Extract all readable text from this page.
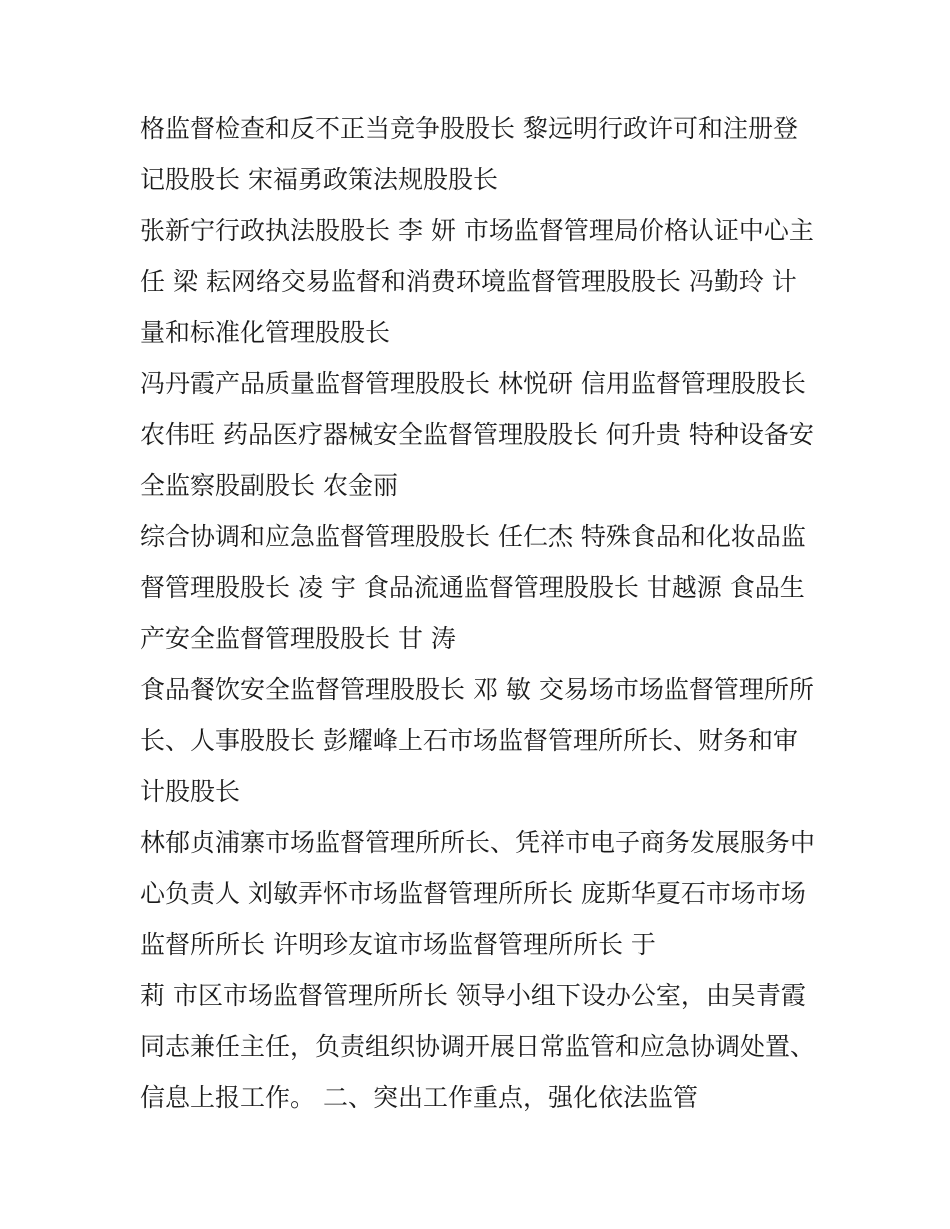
格监督检查和反不正当竞争股股长 黎远明行政许可和注册登
记股股长 宋福勇政策法规股股长
张新宁行政执法股股长 李 妍 市场监督管理局价格认证中心主
任 梁 耘网络交易监督和消费环境监督管理股股长 冯勤玲 计
量和标准化管理股股长
冯丹霞产品质量监督管理股股长 林悦研 信用监督管理股股长
农伟旺 药品医疗器械安全监督管理股股长 何升贵 特种设备安
全监察股副股长 农金丽
综合协调和应急监督管理股股长 任仁杰 特殊食品和化妆品监
督管理股股长 凌 宇 食品流通监督管理股股长 甘越源 食品生
产安全监督管理股股长 甘 涛
食品餐饮安全监督管理股股长 邓 敏 交易场市场监督管理所所
长、人事股股长 彭耀峰上石市场监督管理所所长、财务和审
计股股长
林郁贞浦寨市场监督管理所所长、凭祥市电子商务发展服务中
心负责人 刘敏弄怀市场监督管理所所长 庞斯华夏石市场市场
监督所所长 许明珍友谊市场监督管理所所长 于
莉 市区市场监督管理所所长 领导小组下设办公室，由吴青霞
同志兼任主任，负责组织协调开展日常监管和应急协调处置、
信息上报工作。 二、突出工作重点，强化依法监管
